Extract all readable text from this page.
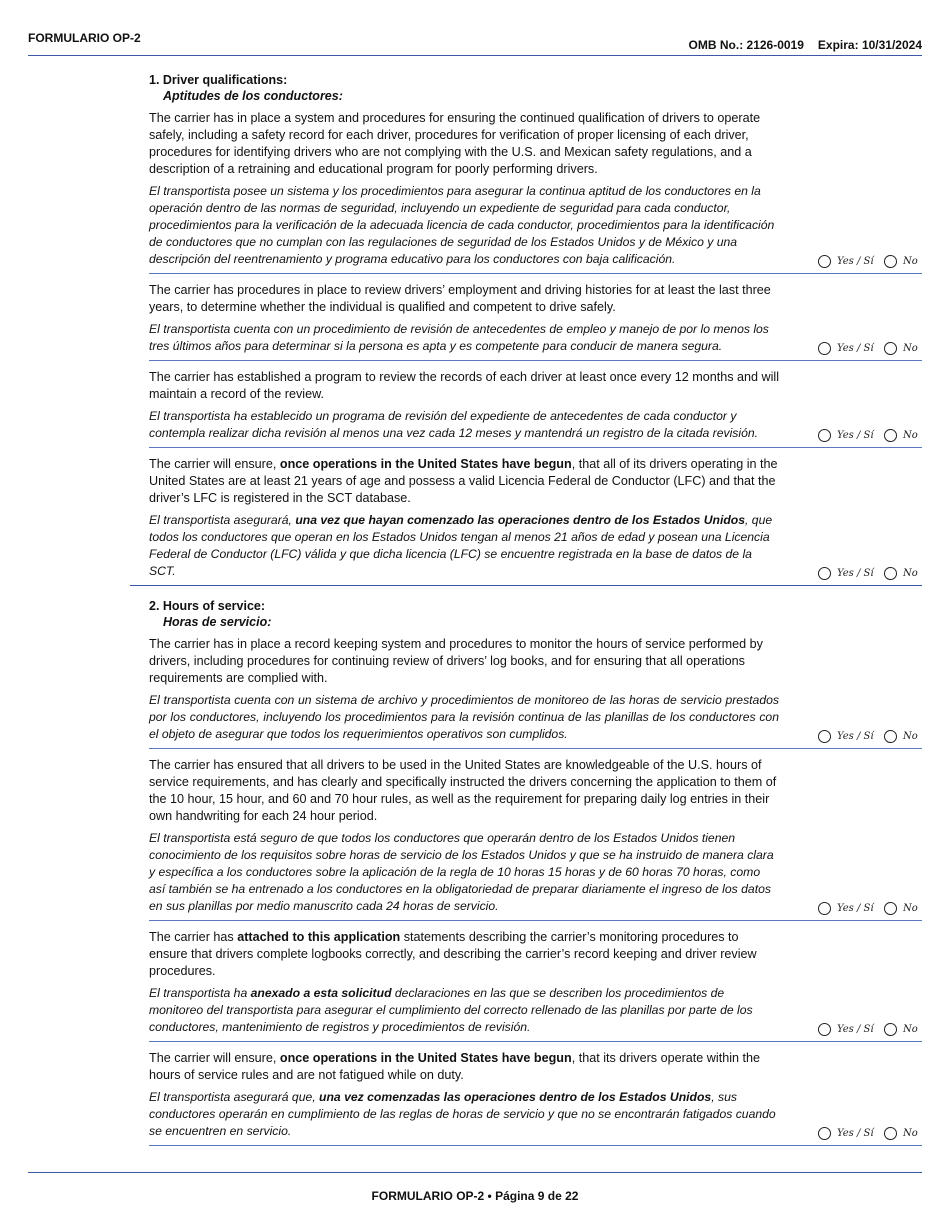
FORMULARIO OP-2	OMB No.: 2126-0019 Expira: 10/31/2024
1. Driver qualifications:
Aptitudes de los conductores:
The carrier has in place a system and procedures for ensuring the continued qualification of drivers to operate safely, including a safety record for each driver, procedures for verification of proper licensing of each driver, procedures for identifying drivers who are not complying with the U.S. and Mexican safety regulations, and a description of a retraining and educational program for poorly performing drivers.
El transportista posee un sistema y los procedimientos para asegurar la continua aptitud de los conductores en la operación dentro de las normas de seguridad, incluyendo un expediente de seguridad para cada conductor, procedimientos para la verificación de la adecuada licencia de cada conductor, procedimientos para la identificación de conductores que no cumplan con las regulaciones de seguridad de los Estados Unidos y de México y una descripción del reentrenamiento y programa educativo para los conductores con baja calificación.	Yes / Sí	No
The carrier has procedures in place to review drivers’ employment and driving histories for at least the last three years, to determine whether the individual is qualified and competent to drive safely.
El transportista cuenta con un procedimiento de revisión de antecedentes de empleo y manejo de por lo menos los tres últimos años para determinar si la persona es apta y es competente para conducir de manera segura.	Yes / Sí	No
The carrier has established a program to review the records of each driver at least once every 12 months and will maintain a record of the review.
El transportista ha establecido un programa de revisión del expediente de antecedentes de cada conductor y contempla realizar dicha revisión al menos una vez cada 12 meses y mantendrá un registro de la citada revisión.	Yes / Sí	No
The carrier will ensure, once operations in the United States have begun, that all of its drivers operating in the United States are at least 21 years of age and possess a valid Licencia Federal de Conductor (LFC) and that the driver’s LFC is registered in the SCT database.
El transportista asegurará, una vez que hayan comenzado las operaciones dentro de los Estados Unidos, que todos los conductores que operan en los Estados Unidos tengan al menos 21 años de edad y posean una Licencia Federal de Conductor (LFC) válida y que dicha licencia (LFC) se encuentre registrada en la base de datos de la SCT.	Yes / Sí	No
2. Hours of service:
Horas de servicio:
The carrier has in place a record keeping system and procedures to monitor the hours of service performed by drivers, including procedures for continuing review of drivers’ log books, and for ensuring that all operations requirements are complied with.
El transportista cuenta con un sistema de archivo y procedimientos de monitoreo de las horas de servicio prestados por los conductores, incluyendo los procedimientos para la revisión continua de las planillas de los conductores con el objeto de asegurar que todos los requerimientos operativos son cumplidos.	Yes / Sí	No
The carrier has ensured that all drivers to be used in the United States are knowledgeable of the U.S. hours of service requirements, and has clearly and specifically instructed the drivers concerning the application to them of the 10 hour, 15 hour, and 60 and 70 hour rules, as well as the requirement for preparing daily log entries in their own handwriting for each 24 hour period.
El transportista está seguro de que todos los conductores que operarán dentro de los Estados Unidos tienen conocimiento de los requisitos sobre horas de servicio de los Estados Unidos y que se ha instruido de manera clara y específica a los conductores sobre la aplicación de la regla de 10 horas 15 horas y de 60 horas 70 horas, como así también se ha entrenado a los conductores en la obligatoriedad de preparar diariamente el ingreso de los datos en sus planillas por medio manuscrito cada 24 horas de servicio.	Yes / Sí	No
The carrier has attached to this application statements describing the carrier’s monitoring procedures to ensure that drivers complete logbooks correctly, and describing the carrier’s record keeping and driver review procedures.
El transportista ha anexado a esta solicitud declaraciones en las que se describen los procedimientos de monitoreo del transportista para asegurar el cumplimiento del correcto rellenado de las planillas por parte de los conductores, mantenimiento de registros y procedimientos de revisión.	Yes / Sí	No
The carrier will ensure, once operations in the United States have begun, that its drivers operate within the hours of service rules and are not fatigued while on duty.
El transportista asegurará que, una vez comenzadas las operaciones dentro de los Estados Unidos, sus conductores operarán en cumplimiento de las reglas de horas de servicio y que no se encontrarán fatigados cuando se encuentren en servicio.	Yes / Sí	No
FORMULARIO OP-2 • Página 9 de 22
